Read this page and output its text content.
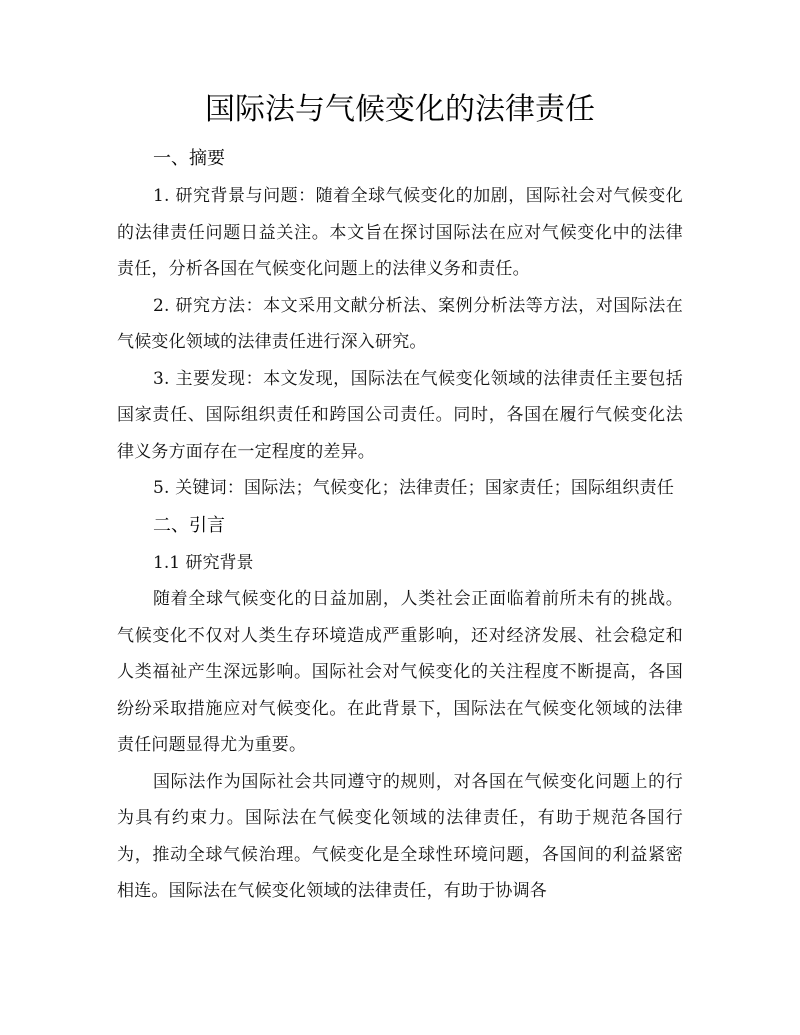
国际法与气候变化的法律责任
一、摘要

1. 研究背景与问题：随着全球气候变化的加剧，国际社会对气候变化的法律责任问题日益关注。本文旨在探讨国际法在应对气候变化中的法律责任，分析各国在气候变化问题上的法律义务和责任。

2. 研究方法：本文采用文献分析法、案例分析法等方法，对国际法在气候变化领域的法律责任进行深入研究。

3. 主要发现：本文发现，国际法在气候变化领域的法律责任主要包括国家责任、国际组织责任和跨国公司责任。同时，各国在履行气候变化法律义务方面存在一定程度的差异。

5. 关键词：国际法；气候变化；法律责任；国家责任；国际组织责任

二、引言
1.1 研究背景

随着全球气候变化的日益加剧，人类社会正面临着前所未有的挑战。气候变化不仅对人类生存环境造成严重影响，还对经济发展、社会稳定和人类福祉产生深远影响。国际社会对气候变化的关注程度不断提高，各国纷纷采取措施应对气候变化。在此背景下，国际法在气候变化领域的法律责任问题显得尤为重要。

国际法作为国际社会共同遵守的规则，对各国在气候变化问题上的行为具有约束力。国际法在气候变化领域的法律责任，有助于规范各国行为，推动全球气候治理。气候变化是全球性环境问题，各国间的利益紧密相连。国际法在气候变化领域的法律责任，有助于协调各
